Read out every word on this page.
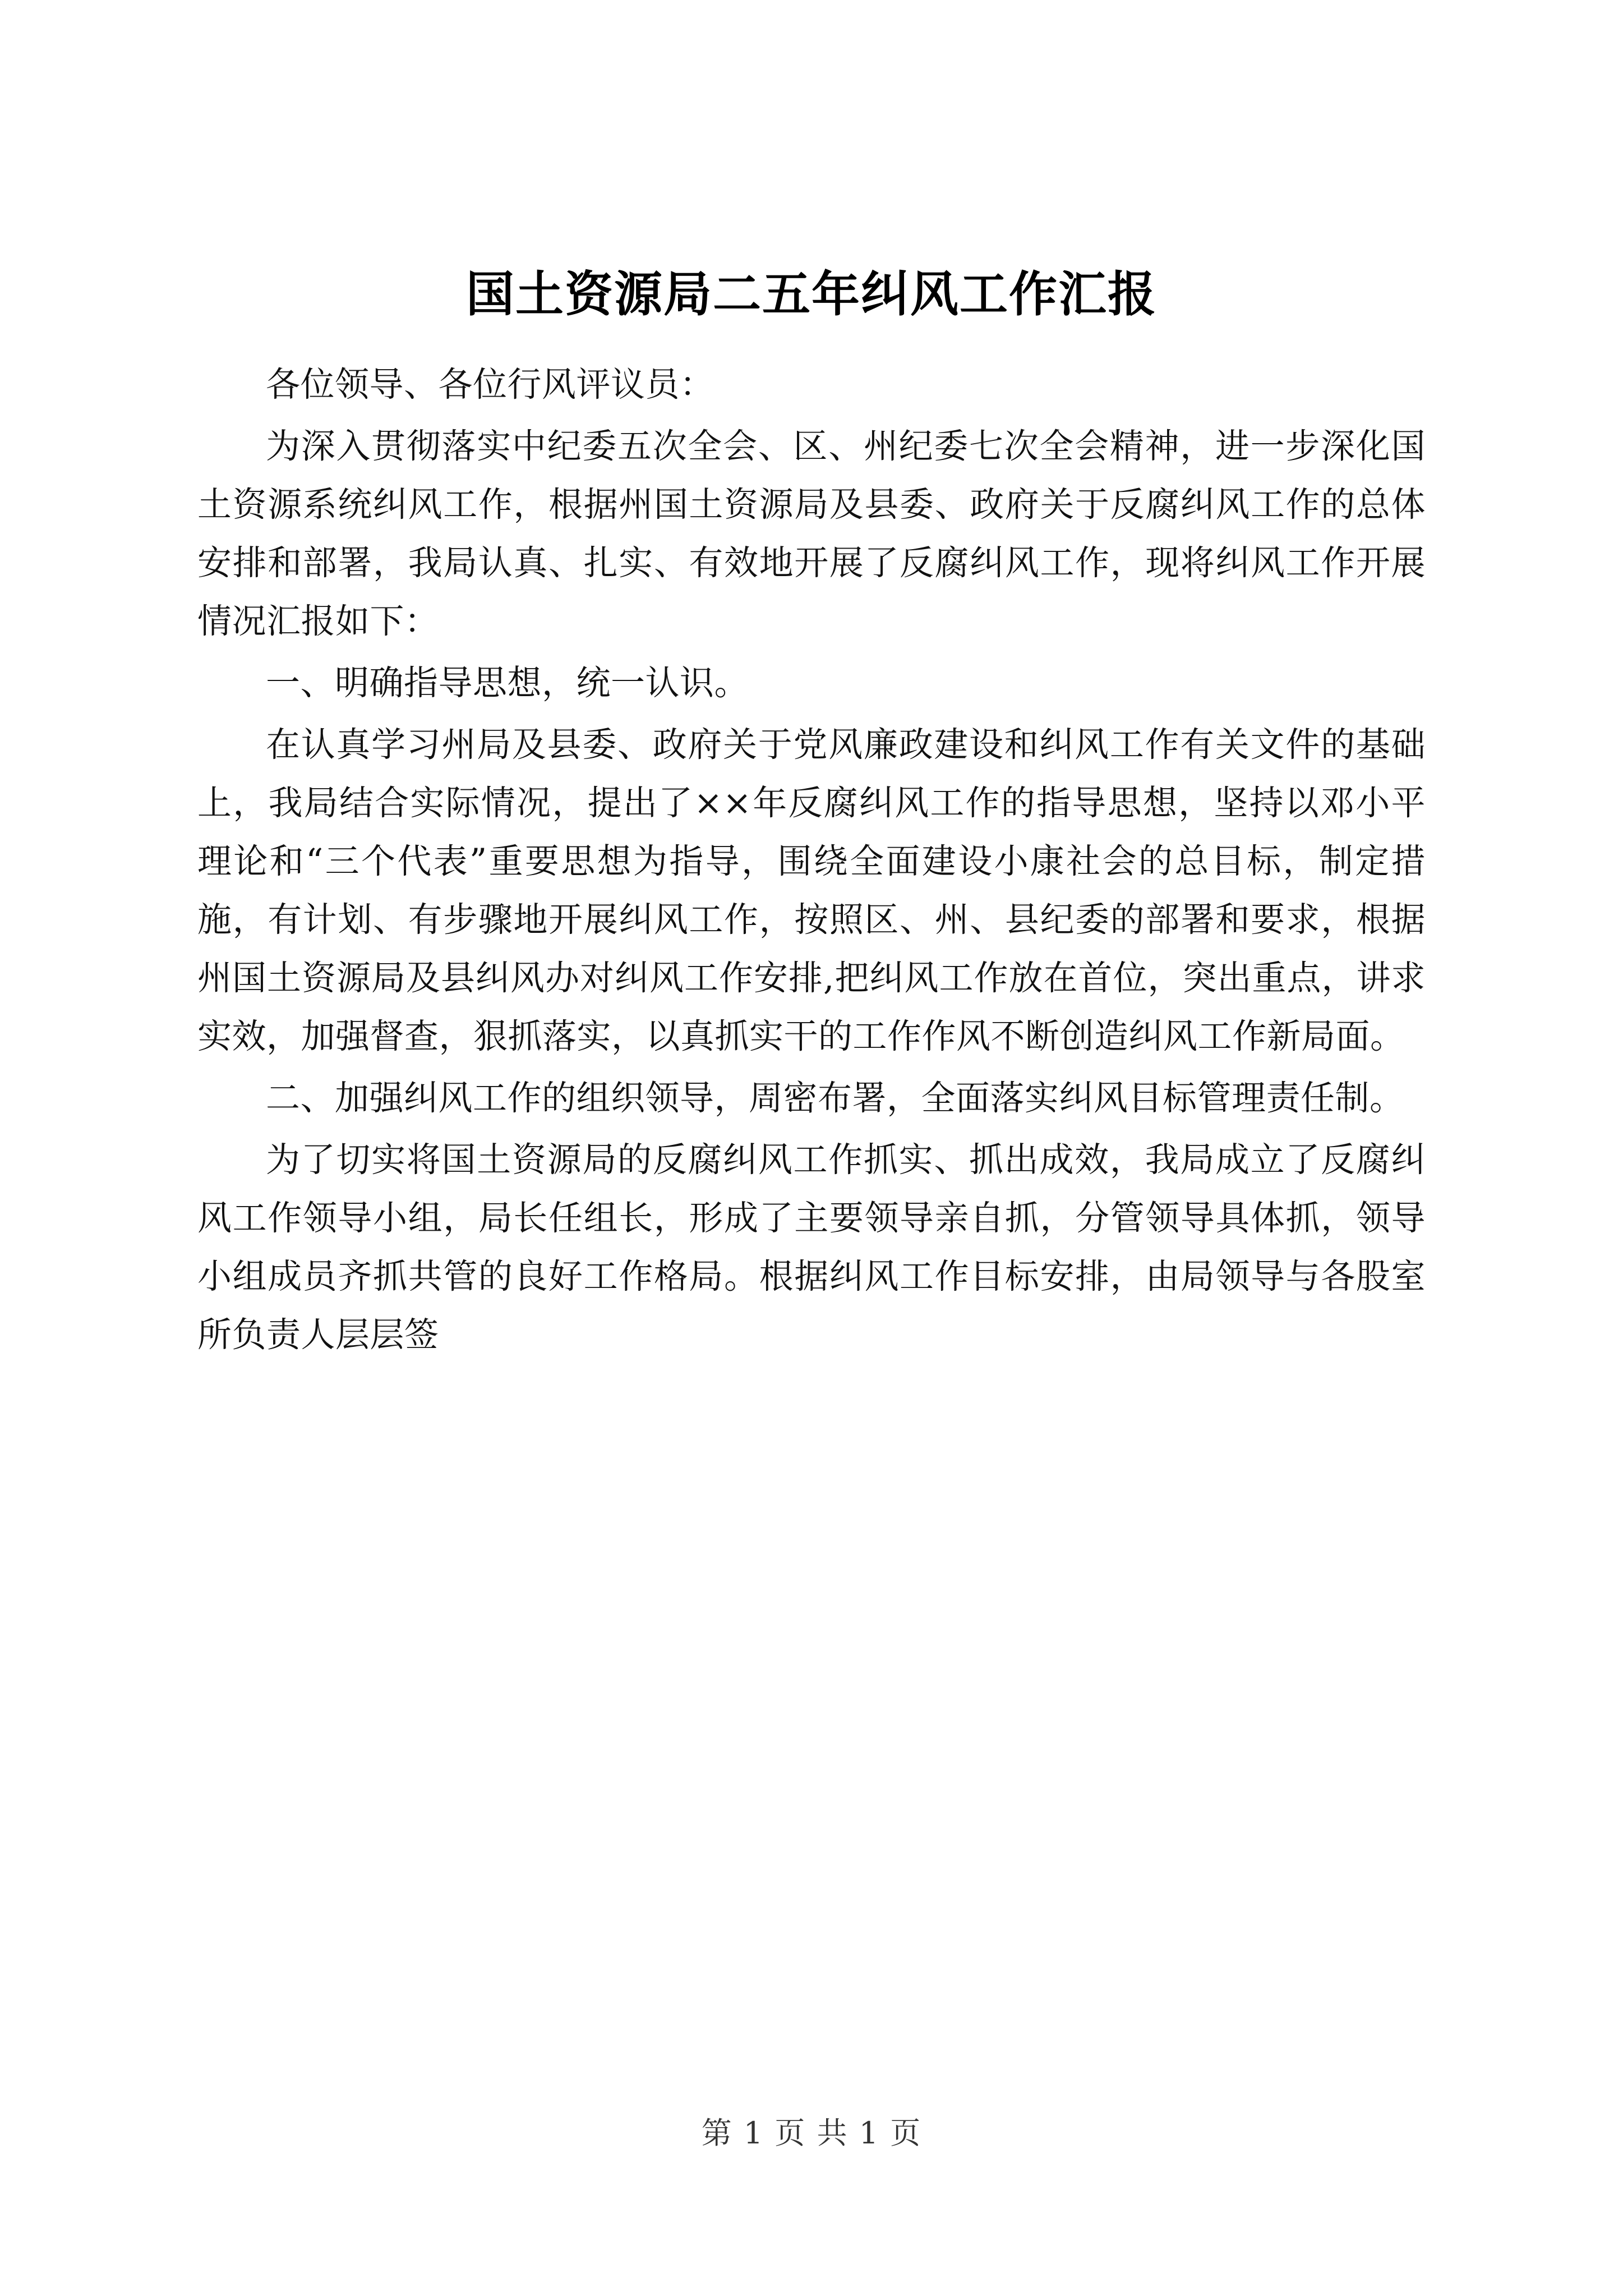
国土资源局二五年纠风工作汇报

各位领导、各位行风评议员：

为深入贯彻落实中纪委五次全会、区、州纪委七次全会精神，进一步深化国土资源系统纠风工作，根据州国土资源局及县委、政府关于反腐纠风工作的总体安排和部署，我局认真、扎实、有效地开展了反腐纠风工作，现将纠风工作开展情况汇报如下：

一、明确指导思想，统一认识。

在认真学习州局及县委、政府关于党风廉政建设和纠风工作有关文件的基础上，我局结合实际情况，提出了××年反腐纠风工作的指导思想，坚持以邓小平理论和“三个代表”重要思想为指导，围绕全面建设小康社会的总目标，制定措施，有计划、有步骤地开展纠风工作，按照区、州、县纪委的部署和要求，根据州国土资源局及县纠风办对纠风工作安排,把纠风工作放在首位，突出重点，讲求实效，加强督查，狠抓落实，以真抓实干的工作作风不断创造纠风工作新局面。

二、加强纠风工作的组织领导，周密布署，全面落实纠风目标管理责任制。

为了切实将国土资源局的反腐纠风工作抓实、抓出成效，我局成立了反腐纠风工作领导小组，局长任组长，形成了主要领导亲自抓，分管领导具体抓，领导小组成员齐抓共管的良好工作格局。根据纠风工作目标安排，由局领导与各股室所负责人层层签

第 1 页 共 1 页
